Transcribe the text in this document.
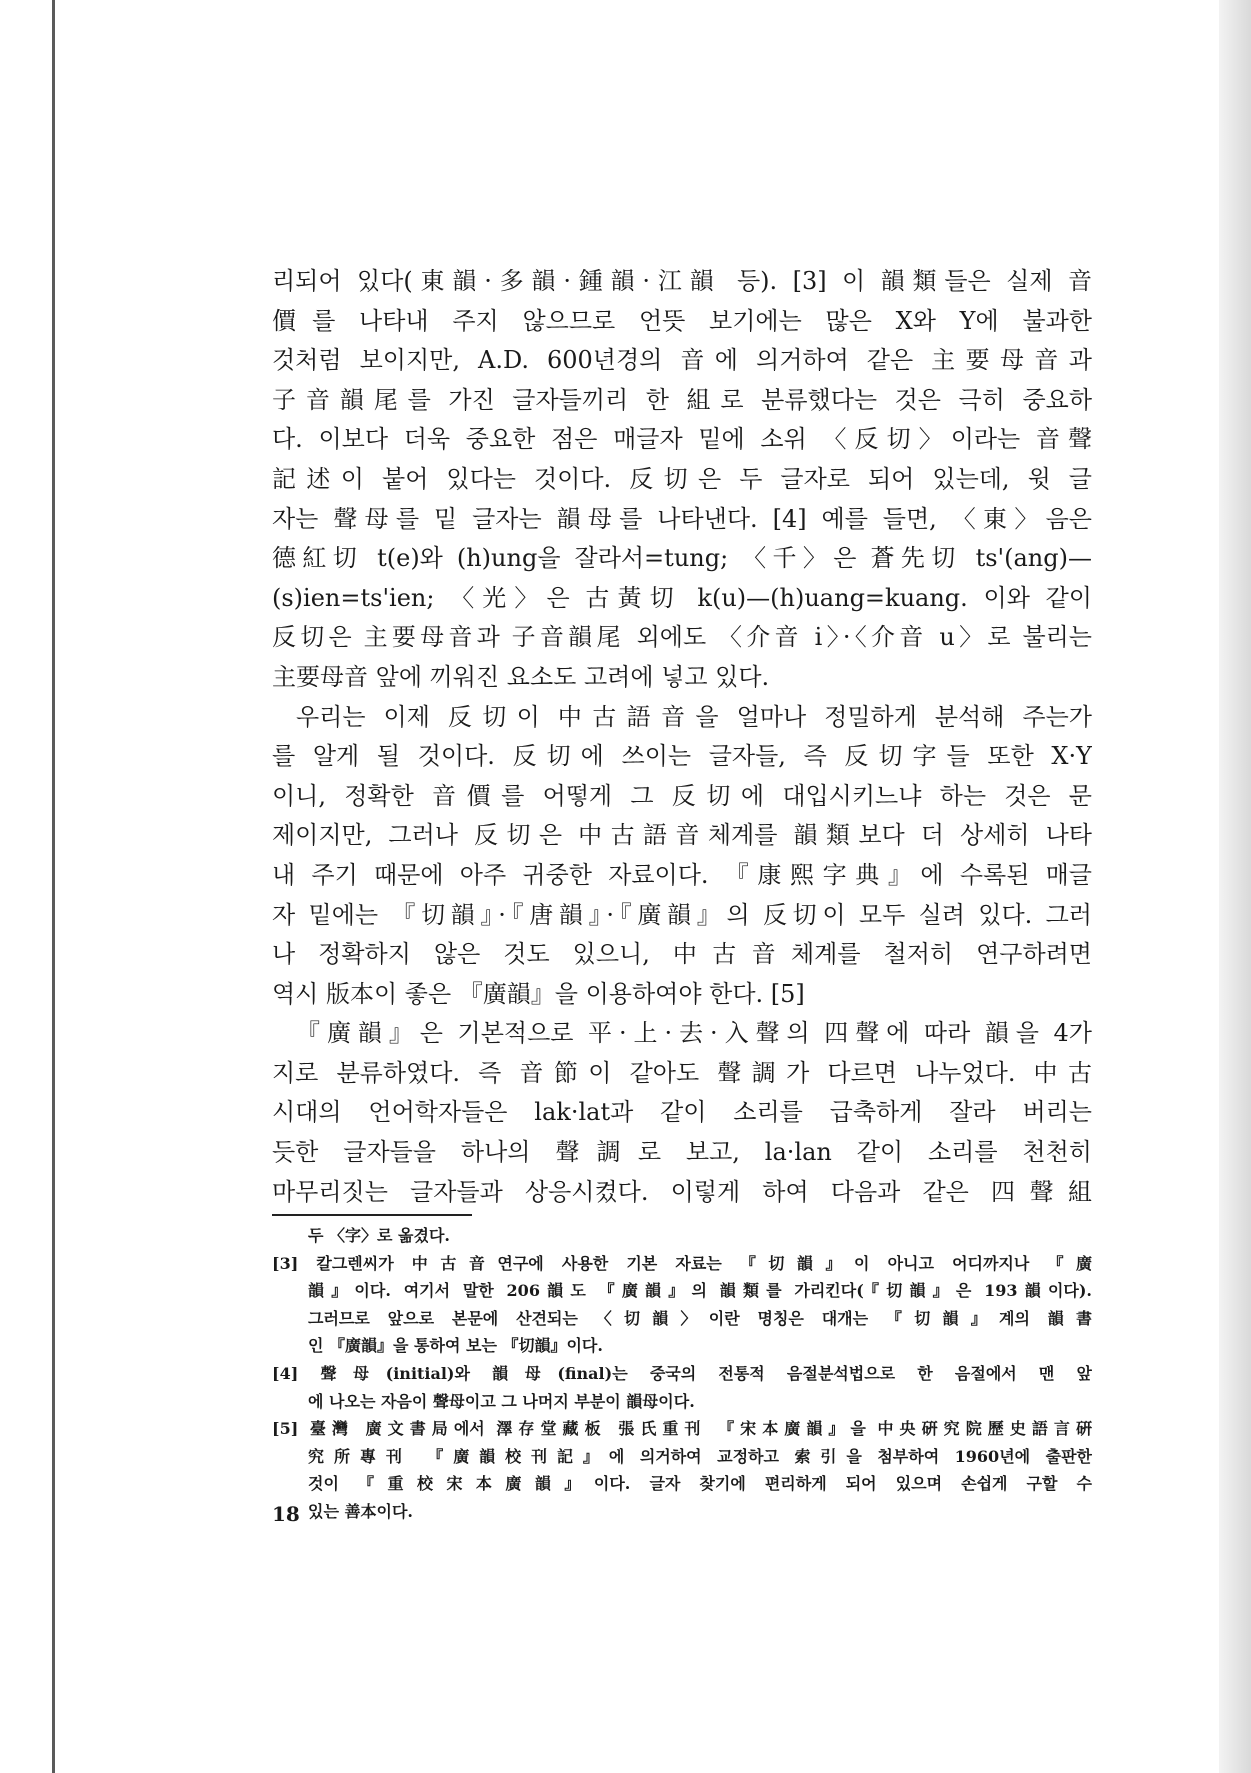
리되어 있다(東韻·多韻·鍾韻·江韻 등). [3] 이 韻類들은 실제 音
價를 나타내 주지 않으므로 언뜻 보기에는 많은 X와 Y에 불과한
것처럼 보이지만, A.D. 600년경의 音에 의거하여 같은 主要母音과
子音韻尾를 가진 글자들끼리 한 組로 분류했다는 것은 극히 중요하
다. 이보다 더욱 중요한 점은 매글자 밑에 소위 〈反切〉이라는 音聲
記述이 붙어 있다는 것이다. 反切은 두 글자로 되어 있는데, 윗 글
자는 聲母를 밑 글자는 韻母를 나타낸다. [4] 예를 들면, 〈東〉음은
德紅切 t(e)와 (h)ung을 잘라서=tung; 〈千〉은 蒼先切 ts'(ang)—
(s)ien=ts'ien; 〈光〉은 古黃切 k(u)—(h)uang=kuang. 이와 같이
反切은 主要母音과 子音韻尾 외에도 〈介音 i〉·〈介音 u〉로 불리는
主要母音 앞에 끼워진 요소도 고려에 넣고 있다.
우리는 이제 反切이 中古語音을 얼마나 정밀하게 분석해 주는가
를 알게 될 것이다. 反切에 쓰이는 글자들, 즉 反切字들 또한 X·Y
이니, 정확한 音價를 어떻게 그 反切에 대입시키느냐 하는 것은 문
제이지만, 그러나 反切은 中古語音체계를 韻類보다 더 상세히 나타
내 주기 때문에 아주 귀중한 자료이다. 『康熙字典』에 수록된 매글
자 밑에는 『切韻』·『唐韻』·『廣韻』의 反切이 모두 실려 있다. 그러
나 정확하지 않은 것도 있으니, 中古音체계를 철저히 연구하려면
역시 版本이 좋은 『廣韻』을 이용하여야 한다. [5]
『廣韻』은 기본적으로 平·上·去·入聲의 四聲에 따라 韻을 4가
지로 분류하였다. 즉 音節이 같아도 聲調가 다르면 나누었다. 中古
시대의 언어학자들은 lak·lat과 같이 소리를 급축하게 잘라 버리는
듯한 글자들을 하나의 聲調로 보고, la·lan 같이 소리를 천천히
마무리짓는 글자들과 상응시켰다. 이렇게 하여 다음과 같은 四聲組
두 〈字〉로 옮겼다.
[3] 칼그렌씨가 中古音연구에 사용한 기본 자료는 『切韻』이 아니고 어디까지나 『廣
韻』이다. 여기서 말한 206韻도 『廣韻』의 韻類를 가리킨다(『切韻』은 193韻이다).
그러므로 앞으로 본문에 산견되는 〈切韻〉이란 명칭은 대개는 『切韻』계의 韻書
인 『廣韻』을 통하여 보는 『切韻』이다.
[4] 聲母(initial)와 韻母(final)는 중국의 전통적 음절분석법으로 한 음절에서 맨 앞
에 나오는 자음이 聲母이고 그 나머지 부분이 韻母이다.
[5] 臺灣 廣文書局에서 澤存堂藏板 張氏重刊 『宋本廣韻』을 中央硏究院歷史語言硏
究所專刊 『廣韻校刊記』에 의거하여 교정하고 索引을 첨부하여 1960년에 출판한
것이 『重校宋本廣韻』이다. 글자 찾기에 편리하게 되어 있으며 손쉽게 구할 수
있는 善本이다.
18
